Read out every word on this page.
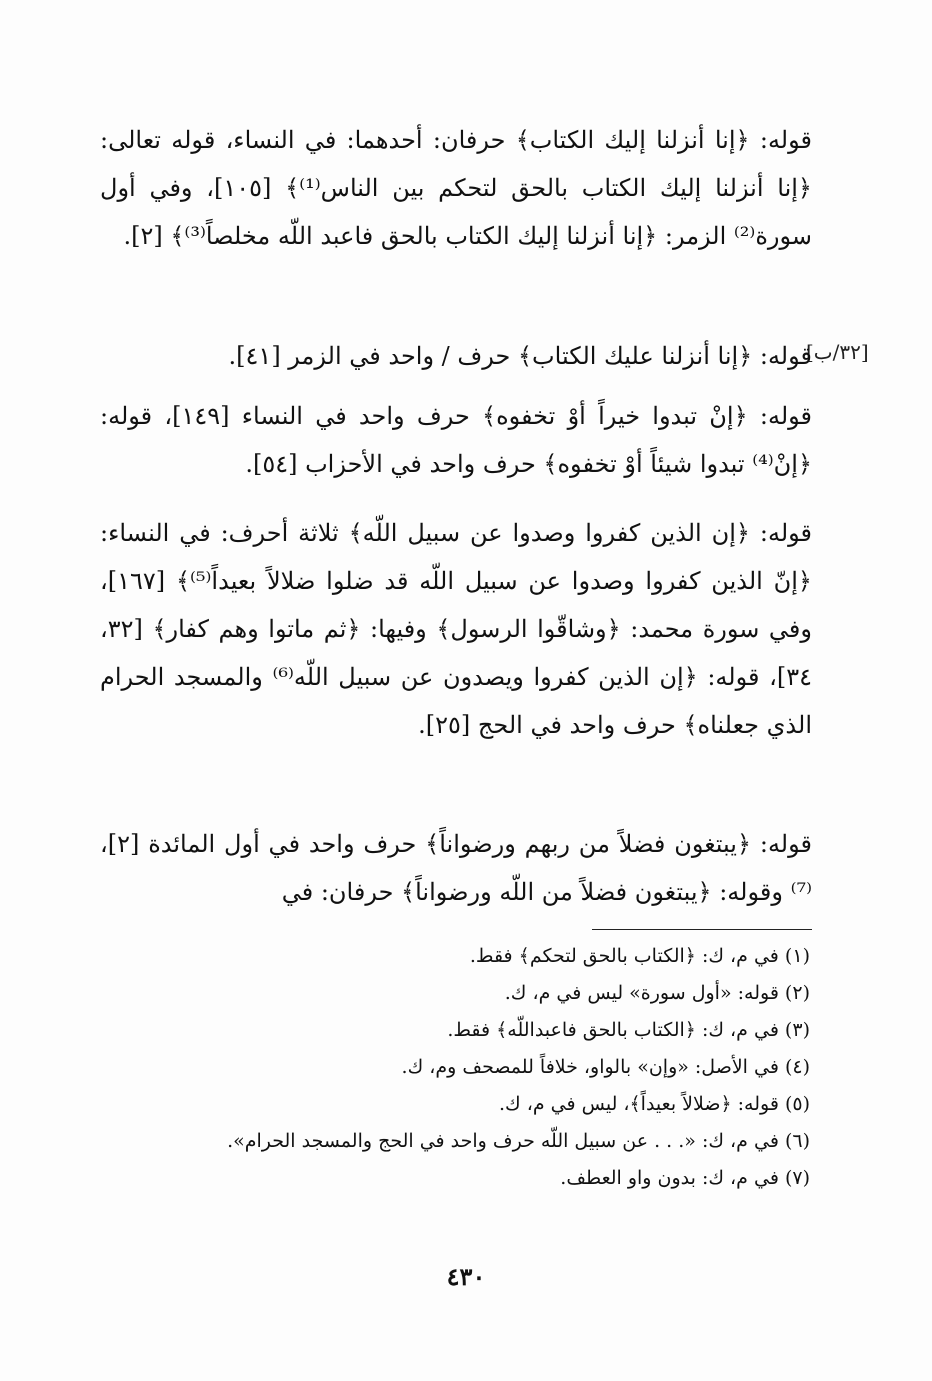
قوله: ﴿إنا أنزلنا إليك الكتاب﴾ حرفان: أحدهما: في النساء، قوله تعالى: ﴿إنا أنزلنا إليك الكتاب بالحق لتحكم بين الناس⁽¹⁾﴾ [١٠٥]، وفي أول سورة⁽²⁾ الزمر: ﴿إنا أنزلنا إليك الكتاب بالحق فاعبد اللّه مخلصاً⁽³⁾﴾ [٢].

[٣٢/ب]

قوله: ﴿إنا أنزلنا عليك الكتاب﴾ حرف / واحد في الزمر [٤١].

قوله: ﴿إنْ تبدوا خيراً أوْ تخفوه﴾ حرف واحد في النساء [١٤٩]، قوله: ﴿إنْ⁽⁴⁾ تبدوا شيئاً أوْ تخفوه﴾ حرف واحد في الأحزاب [٥٤].

قوله: ﴿إن الذين كفروا وصدوا عن سبيل اللّه﴾ ثلاثة أحرف: في النساء: ﴿إنّ الذين كفروا وصدوا عن سبيل اللّه قد ضلوا ضلالاً بعيداً⁽⁵⁾﴾ [١٦٧]، وفي سورة محمد: ﴿وشاقّوا الرسول﴾ وفيها: ﴿ثم ماتوا وهم كفار﴾ [٣٢، ٣٤]، قوله: ﴿إن الذين كفروا ويصدون عن سبيل اللّه⁽⁶⁾ والمسجد الحرام الذي جعلناه﴾ حرف واحد في الحج [٢٥].

قوله: ﴿يبتغون فضلاً من ربهم ورضواناً﴾ حرف واحد في أول المائدة [٢]، ⁽⁷⁾ وقوله: ﴿يبتغون فضلاً من اللّه ورضواناً﴾ حرفان: في

(١) في م، ك: ﴿الكتاب بالحق لتحكم﴾ فقط.
(٢) قوله: «أول سورة» ليس في م، ك.
(٣) في م، ك: ﴿الكتاب بالحق فاعبداللّه﴾ فقط.
(٤) في الأصل: «وإن» بالواو، خلافاً للمصحف وم، ك.
(٥) قوله: ﴿ضلالاً بعيداً﴾، ليس في م، ك.
(٦) في م، ك: «. . . عن سبيل اللّه حرف واحد في الحج والمسجد الحرام».
(٧) في م، ك: بدون واو العطف.
٤٣٠
